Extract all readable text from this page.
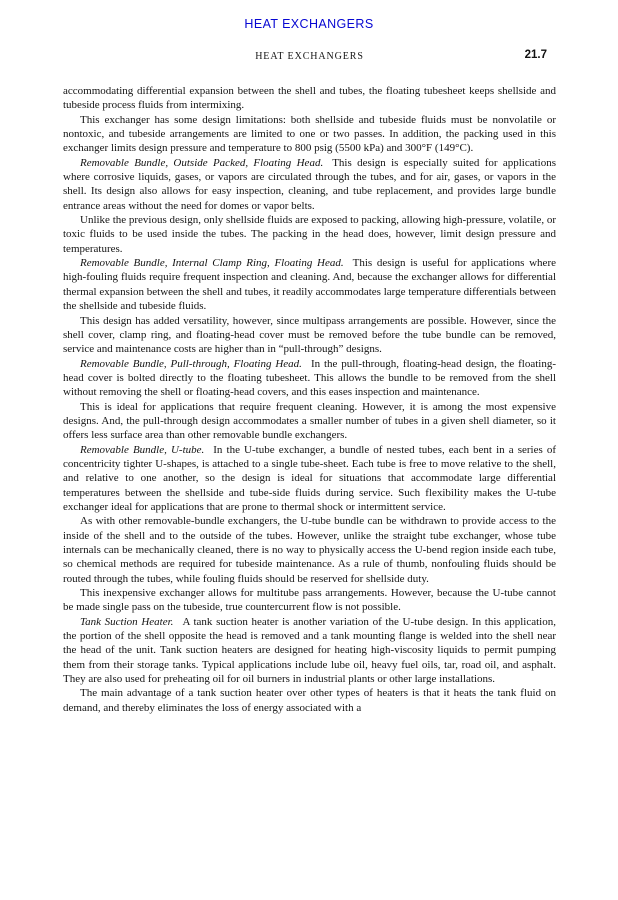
HEAT EXCHANGERS
HEAT EXCHANGERS	21.7

accommodating differential expansion between the shell and tubes, the floating tubesheet keeps shellside and tubeside process fluids from intermixing.

This exchanger has some design limitations: both shellside and tubeside fluids must be nonvolatile or nontoxic, and tubeside arrangements are limited to one or two passes. In addition, the packing used in this exchanger limits design pressure and temperature to 800 psig (5500 kPa) and 300°F (149°C).

Removable Bundle, Outside Packed, Floating Head. This design is especially suited for applications where corrosive liquids, gases, or vapors are circulated through the tubes, and for air, gases, or vapors in the shell. Its design also allows for easy inspection, cleaning, and tube replacement, and provides large bundle entrance areas without the need for domes or vapor belts.

Unlike the previous design, only shellside fluids are exposed to packing, allowing high-pressure, volatile, or toxic fluids to be used inside the tubes. The packing in the head does, however, limit design pressure and temperatures.

Removable Bundle, Internal Clamp Ring, Floating Head. This design is useful for applications where high-fouling fluids require frequent inspection and cleaning. And, because the exchanger allows for differential thermal expansion between the shell and tubes, it readily accommodates large temperature differentials between the shellside and tubeside fluids.

This design has added versatility, however, since multipass arrangements are possible. However, since the shell cover, clamp ring, and floating-head cover must be removed before the tube bundle can be removed, service and maintenance costs are higher than in “pull-through” designs.

Removable Bundle, Pull-through, Floating Head. In the pull-through, floating-head design, the floating-head cover is bolted directly to the floating tubesheet. This allows the bundle to be removed from the shell without removing the shell or floating-head covers, and this eases inspection and maintenance.

This is ideal for applications that require frequent cleaning. However, it is among the most expensive designs. And, the pull-through design accommodates a smaller number of tubes in a given shell diameter, so it offers less surface area than other removable bundle exchangers.

Removable Bundle, U-tube. In the U-tube exchanger, a bundle of nested tubes, each bent in a series of concentricity tighter U-shapes, is attached to a single tube-sheet. Each tube is free to move relative to the shell, and relative to one another, so the design is ideal for situations that accommodate large differential temperatures between the shellside and tube-side fluids during service. Such flexibility makes the U-tube exchanger ideal for applications that are prone to thermal shock or intermittent service.

As with other removable-bundle exchangers, the U-tube bundle can be withdrawn to provide access to the inside of the shell and to the outside of the tubes. However, unlike the straight tube exchanger, whose tube internals can be mechanically cleaned, there is no way to physically access the U-bend region inside each tube, so chemical methods are required for tubeside maintenance. As a rule of thumb, nonfouling fluids should be routed through the tubes, while fouling fluids should be reserved for shellside duty.

This inexpensive exchanger allows for multitube pass arrangements. However, because the U-tube cannot be made single pass on the tubeside, true countercurrent flow is not possible.

Tank Suction Heater. A tank suction heater is another variation of the U-tube design. In this application, the portion of the shell opposite the head is removed and a tank mounting flange is welded into the shell near the head of the unit. Tank suction heaters are designed for heating high-viscosity liquids to permit pumping them from their storage tanks. Typical applications include lube oil, heavy fuel oils, tar, road oil, and asphalt. They are also used for preheating oil for oil burners in industrial plants or other large installations.

The main advantage of a tank suction heater over other types of heaters is that it heats the tank fluid on demand, and thereby eliminates the loss of energy associated with a
